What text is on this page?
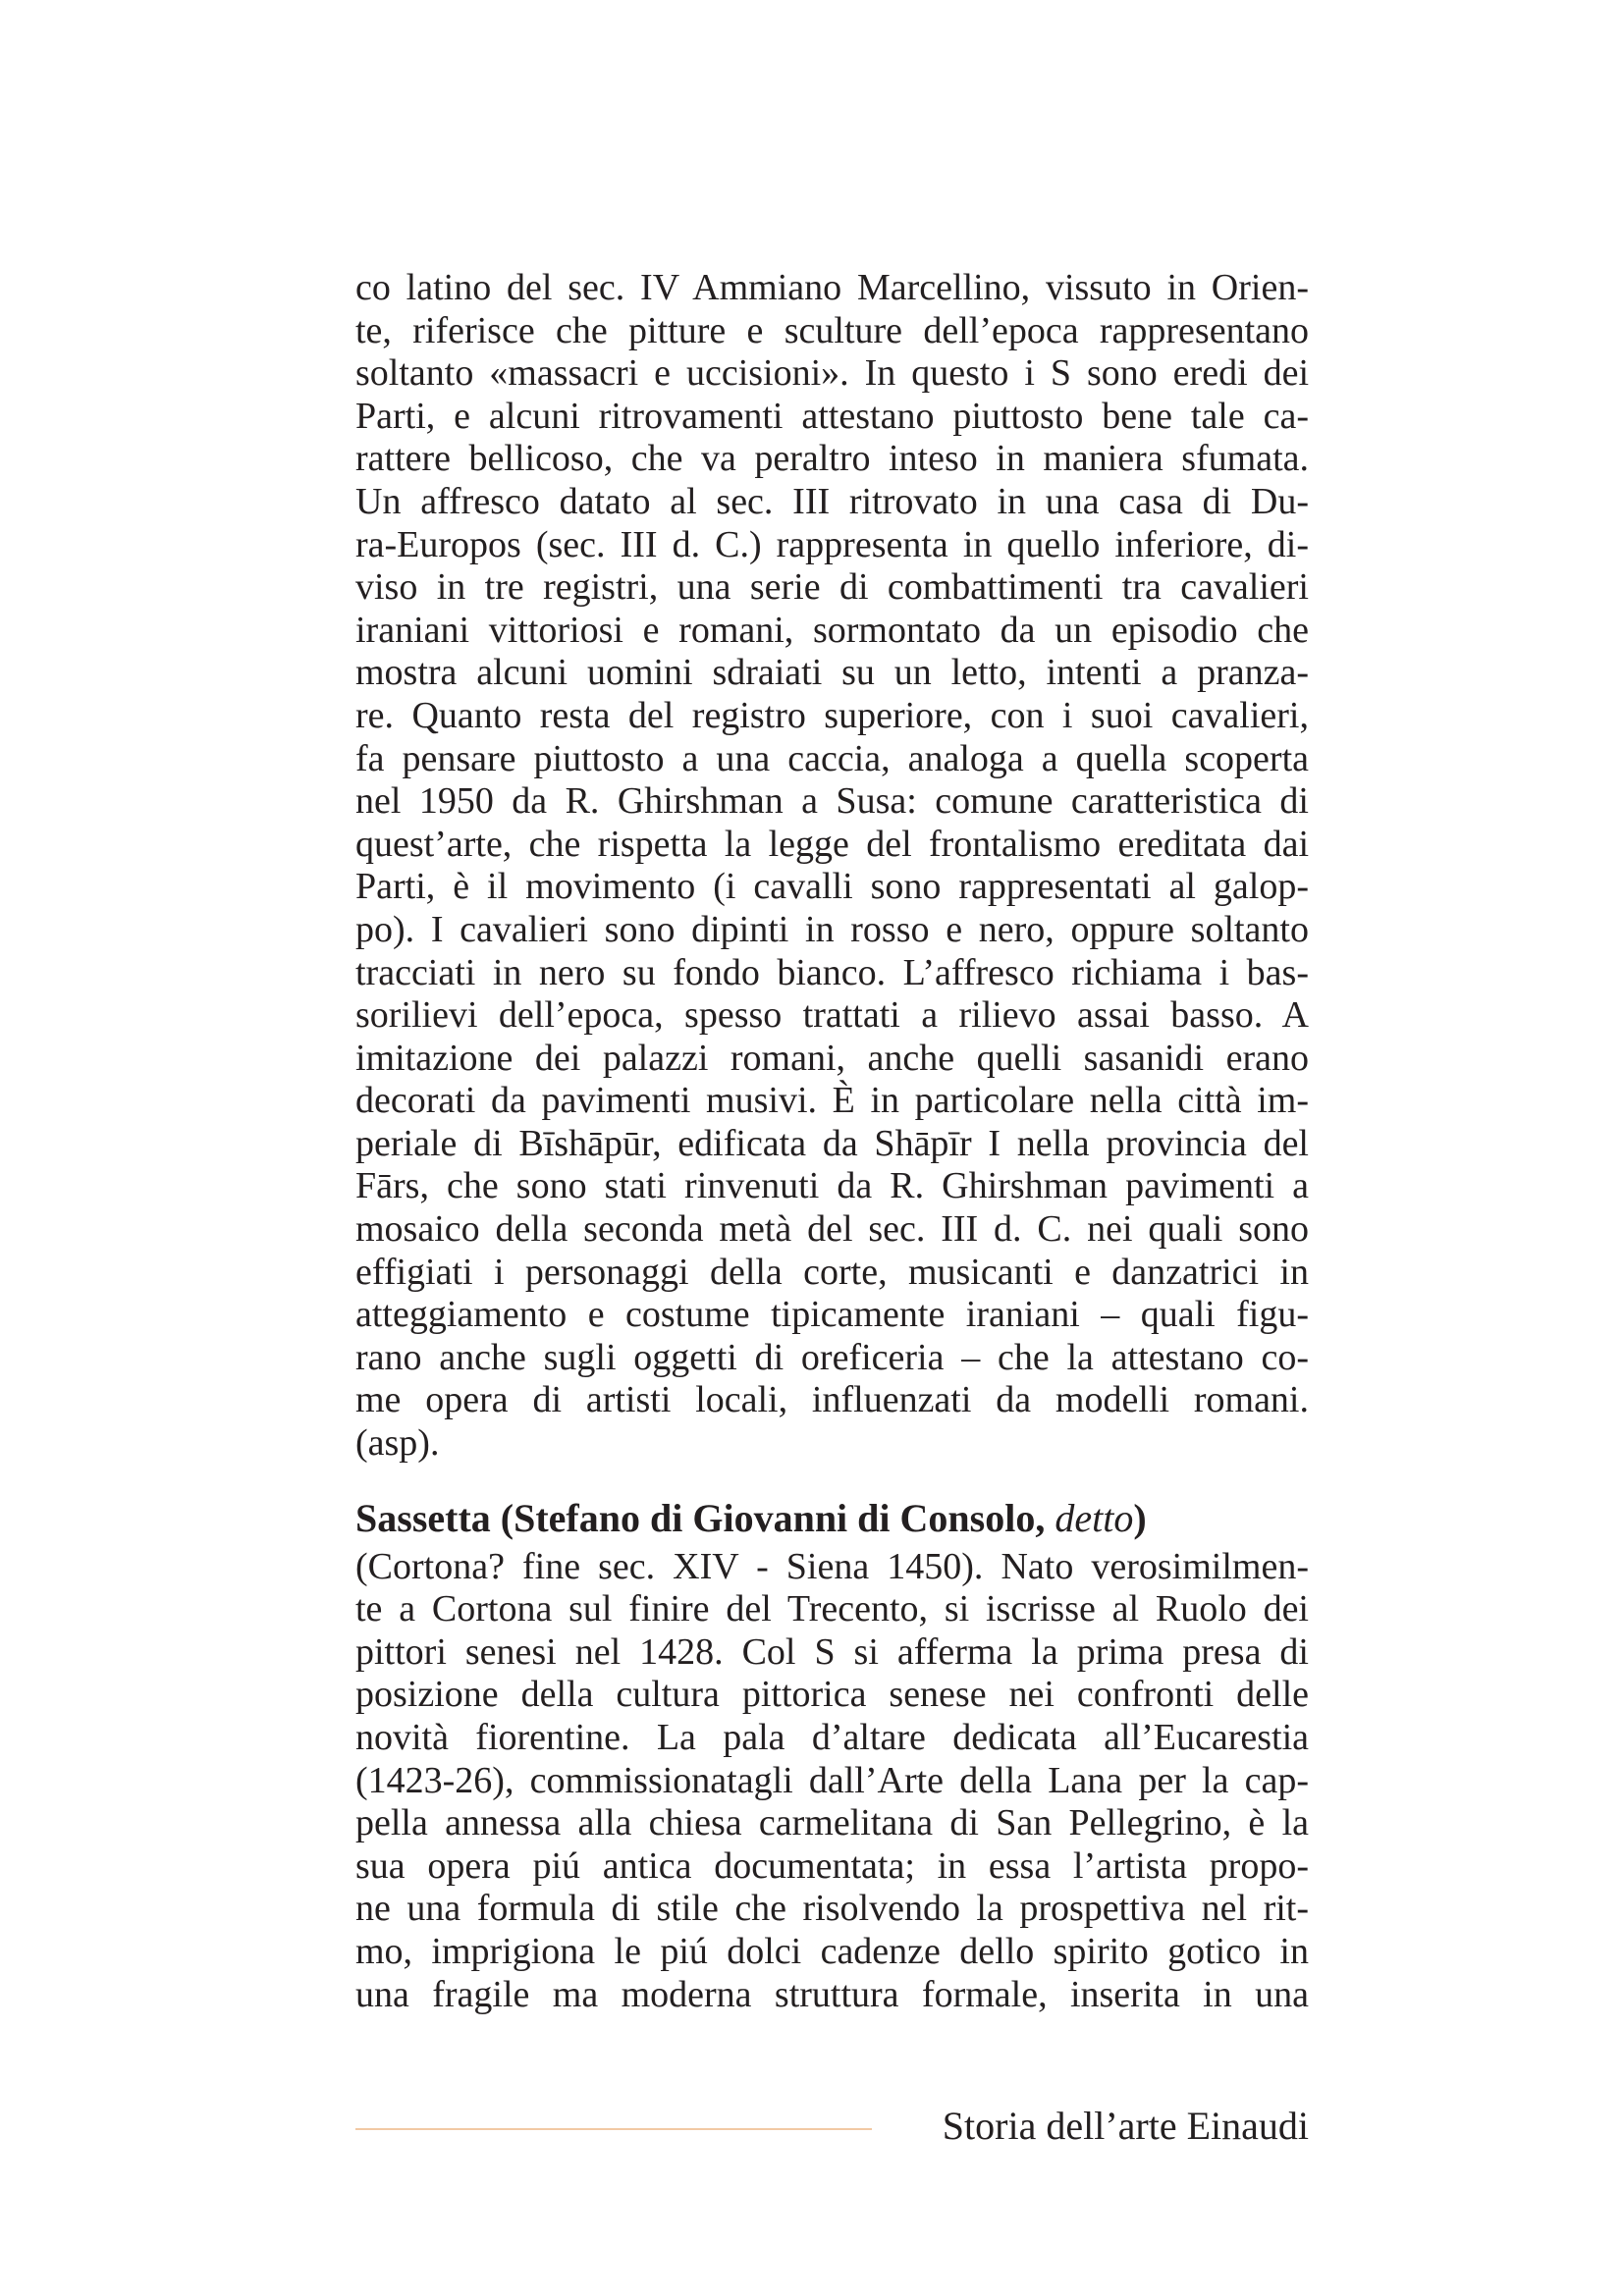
co latino del sec. IV Ammiano Marcellino, vissuto in Orien-
te, riferisce che pitture e sculture dell’epoca rappresentano
soltanto «massacri e uccisioni». In questo i S sono eredi dei
Parti, e alcuni ritrovamenti attestano piuttosto bene tale ca-
rattere bellicoso, che va peraltro inteso in maniera sfumata.
Un affresco datato al sec. III ritrovato in una casa di Du-
ra-Europos (sec. III d. C.) rappresenta in quello inferiore, di-
viso in tre registri, una serie di combattimenti tra cavalieri
iraniani vittoriosi e romani, sormontato da un episodio che
mostra alcuni uomini sdraiati su un letto, intenti a pranza-
re. Quanto resta del registro superiore, con i suoi cavalieri,
fa pensare piuttosto a una caccia, analoga a quella scoperta
nel 1950 da R. Ghirshman a Susa: comune caratteristica di
quest’arte, che rispetta la legge del frontalismo ereditata dai
Parti, è il movimento (i cavalli sono rappresentati al galop-
po). I cavalieri sono dipinti in rosso e nero, oppure soltanto
tracciati in nero su fondo bianco. L’affresco richiama i bas-
sorilievi dell’epoca, spesso trattati a rilievo assai basso. A
imitazione dei palazzi romani, anche quelli sasanidi erano
decorati da pavimenti musivi. È in particolare nella città im-
periale di Bīshāpūr, edificata da Shāpīr I nella provincia del
Fārs, che sono stati rinvenuti da R. Ghirshman pavimenti a
mosaico della seconda metà del sec. III d. C. nei quali sono
effigiati i personaggi della corte, musicanti e danzatrici in
atteggiamento e costume tipicamente iraniani – quali figu-
rano anche sugli oggetti di oreficeria – che la attestano co-
me opera di artisti locali, influenzati da modelli romani.
(asp).
Sassetta (Stefano di Giovanni di Consolo, detto)
(Cortona? fine sec. XIV - Siena 1450). Nato verosimilmen-
te a Cortona sul finire del Trecento, si iscrisse al Ruolo dei
pittori senesi nel 1428. Col S si afferma la prima presa di
posizione della cultura pittorica senese nei confronti delle
novità fiorentine. La pala d’altare dedicata all’Eucarestia
(1423-26), commissionatagli dall’Arte della Lana per la cap-
pella annessa alla chiesa carmelitana di San Pellegrino, è la
sua opera piú antica documentata; in essa l’artista propo-
ne una formula di stile che risolvendo la prospettiva nel rit-
mo, imprigiona le piú dolci cadenze dello spirito gotico in
una fragile ma moderna struttura formale, inserita in una
Storia dell’arte Einaudi
